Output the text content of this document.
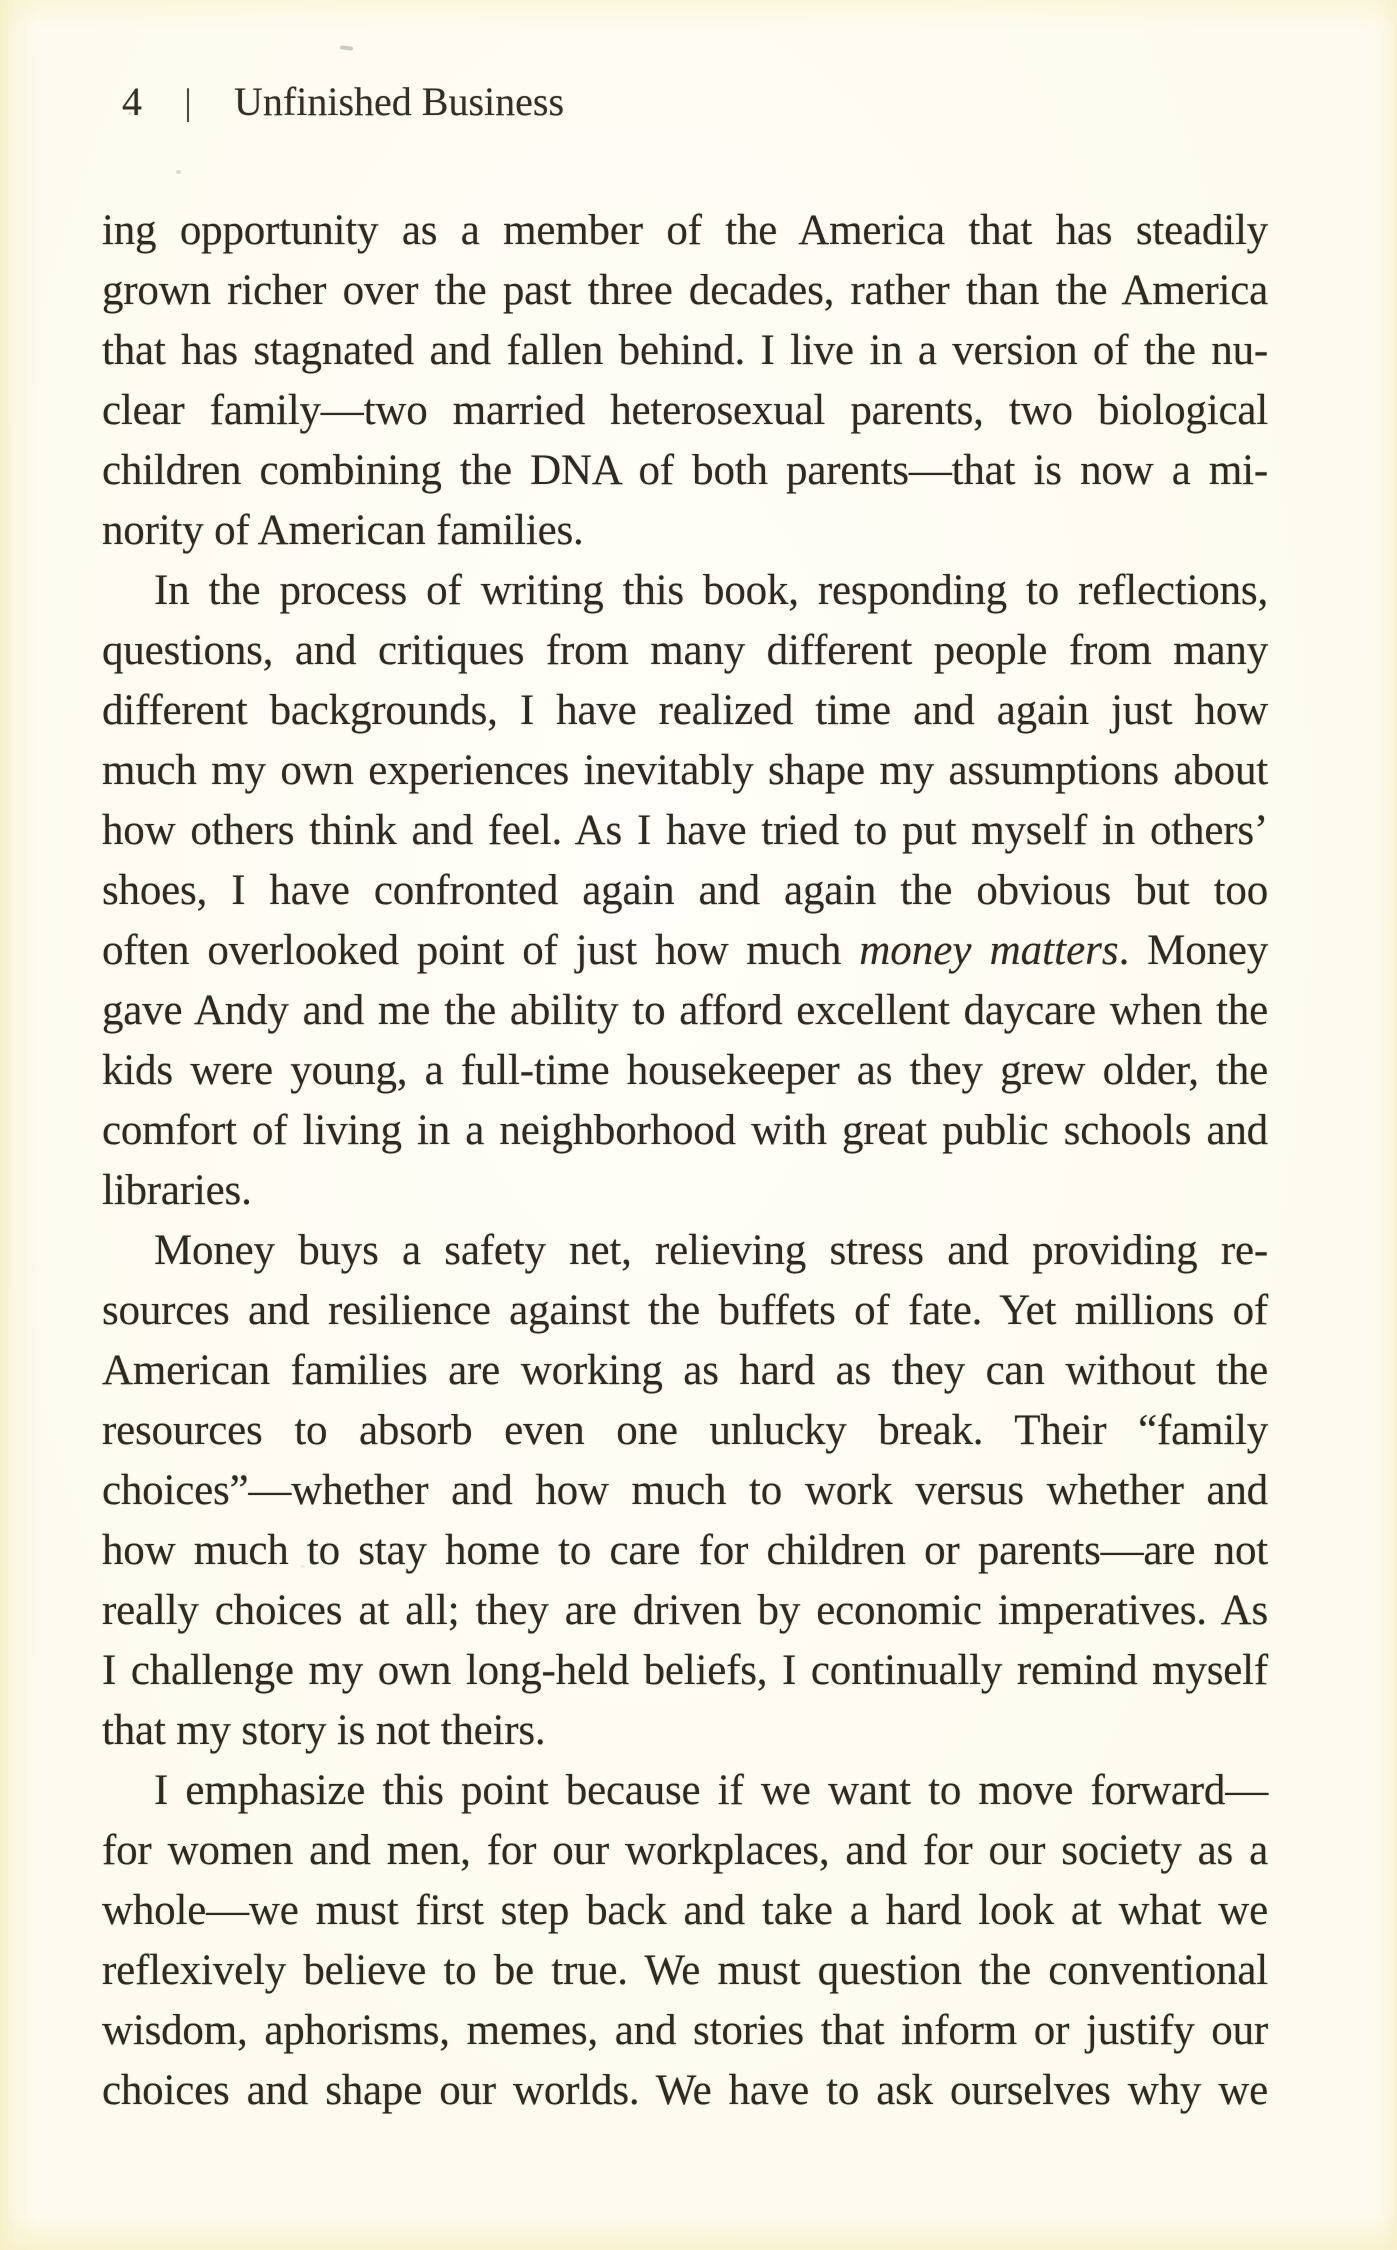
4 | Unfinished Business
ing opportunity as a member of the America that has steadily
grown richer over the past three decades, rather than the America
that has stagnated and fallen behind. I live in a version of the nu-
clear family—two married heterosexual parents, two biological
children combining the DNA of both parents—that is now a mi-
nority of American families.
In the process of writing this book, responding to reflections,
questions, and critiques from many different people from many
different backgrounds, I have realized time and again just how
much my own experiences inevitably shape my assumptions about
how others think and feel. As I have tried to put myself in others’
shoes, I have confronted again and again the obvious but too
often overlooked point of just how much money matters. Money
gave Andy and me the ability to afford excellent daycare when the
kids were young, a full-time housekeeper as they grew older, the
comfort of living in a neighborhood with great public schools and
libraries.
Money buys a safety net, relieving stress and providing re-
sources and resilience against the buffets of fate. Yet millions of
American families are working as hard as they can without the
resources to absorb even one unlucky break. Their “family
choices”—whether and how much to work versus whether and
how much to stay home to care for children or parents—are not
really choices at all; they are driven by economic imperatives. As
I challenge my own long-held beliefs, I continually remind myself
that my story is not theirs.
I emphasize this point because if we want to move forward—
for women and men, for our workplaces, and for our society as a
whole—we must first step back and take a hard look at what we
reflexively believe to be true. We must question the conventional
wisdom, aphorisms, memes, and stories that inform or justify our
choices and shape our worlds. We have to ask ourselves why we
